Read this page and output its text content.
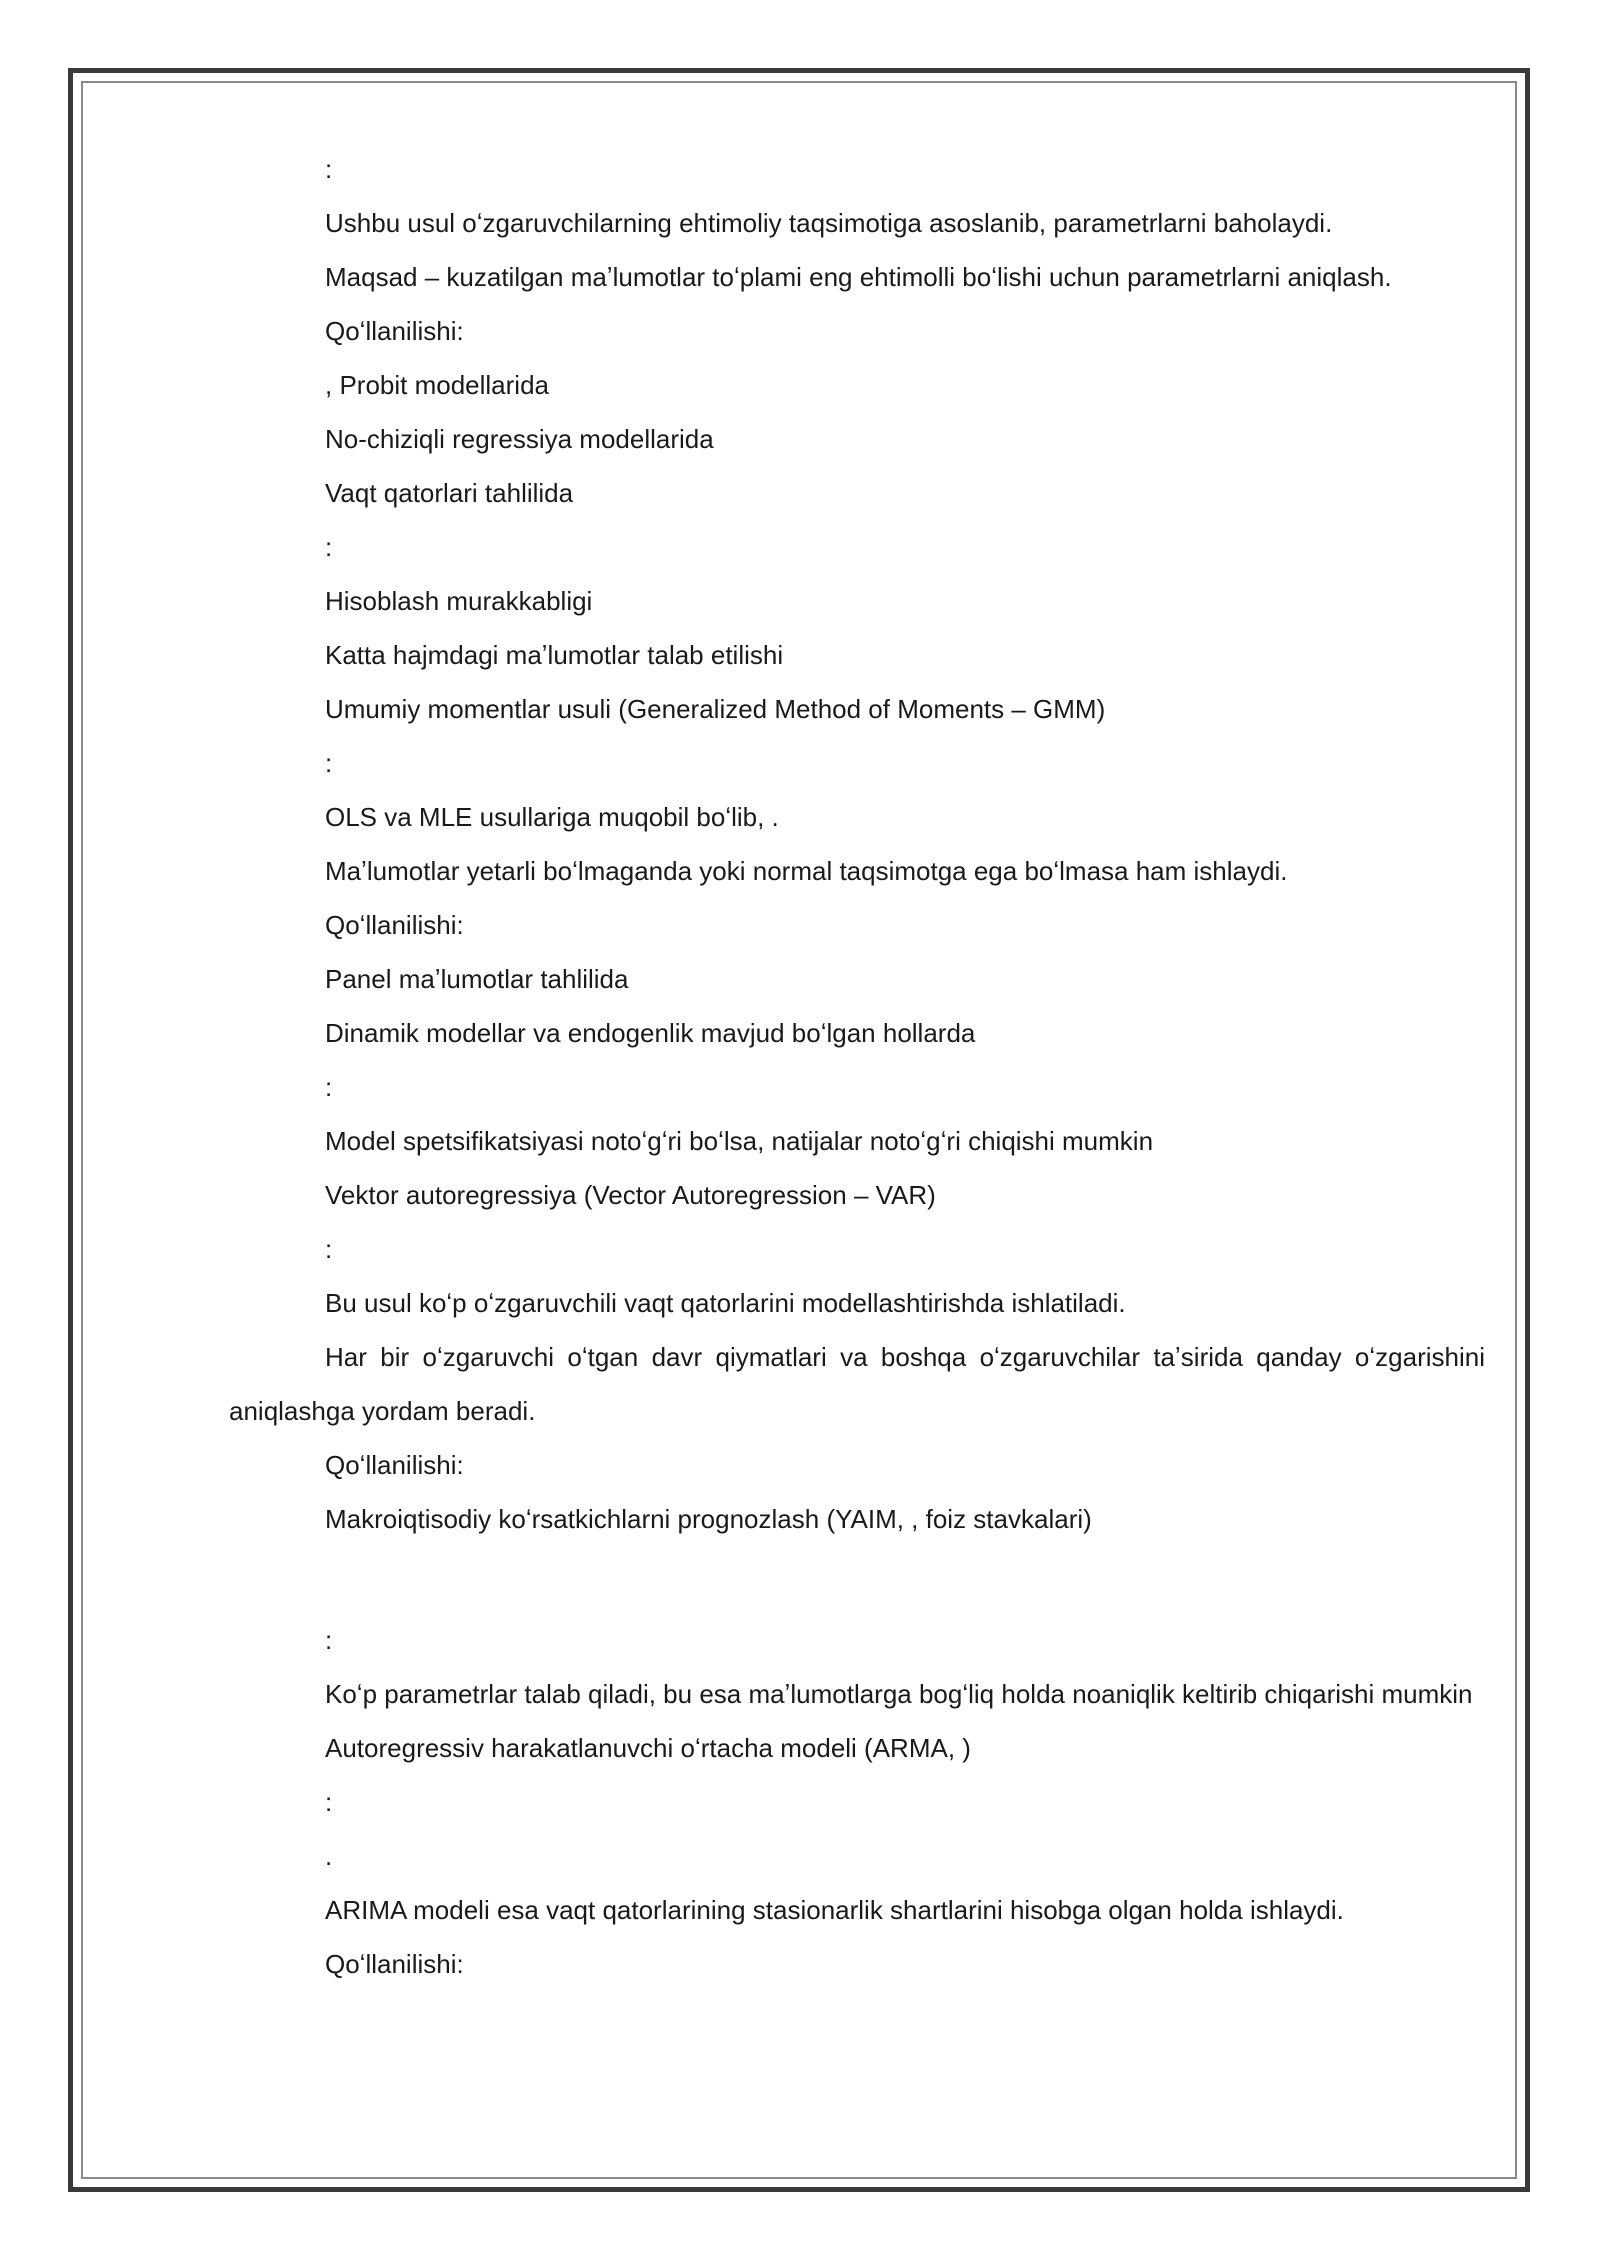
:

Ushbu usul oʻzgaruvchilarning ehtimoliy taqsimotiga asoslanib, parametrlarni baholaydi.

Maqsad – kuzatilgan maʼlumotlar toʻplami eng ehtimolli boʻlishi uchun parametrlarni aniqlash.

Qoʻllanilishi:

, Probit modellarida

No-chiziqli regressiya modellarida

Vaqt qatorlari tahlilida

:

Hisoblash murakkabligi

Katta hajmdagi maʼlumotlar talab etilishi

Umumiy momentlar usuli (Generalized Method of Moments – GMM)

:

OLS va MLE usullariga muqobil boʻlib, .

Maʼlumotlar yetarli boʻlmaganda yoki normal taqsimotga ega boʻlmasa ham ishlaydi.

Qoʻllanilishi:

Panel maʼlumotlar tahlilida

Dinamik modellar va endogenlik mavjud boʻlgan hollarda

:

Model spetsifikatsiyasi notoʻgʻri boʻlsa, natijalar notoʻgʻri chiqishi mumkin

Vektor autoregressiya (Vector Autoregression – VAR)

:

Bu usul koʻp oʻzgaruvchili vaqt qatorlarini modellashtirishda ishlatiladi.

Har bir oʻzgaruvchi oʻtgan davr qiymatlari va boshqa oʻzgaruvchilar taʼsirida qanday oʻzgarishini aniqlashga yordam beradi.

Qoʻllanilishi:

Makroiqtisodiy koʻrsatkichlarni prognozlash (YAIM, , foiz stavkalari)

:

Koʻp parametrlar talab qiladi, bu esa maʼlumotlarga bogʻliq holda noaniqlik keltirib chiqarishi mumkin

Autoregressiv harakatlanuvchi oʻrtacha modeli (ARMA, )

:

.

ARIMA modeli esa vaqt qatorlarining stasionarlik shartlarini hisobga olgan holda ishlaydi.

Qoʻllanilishi:
